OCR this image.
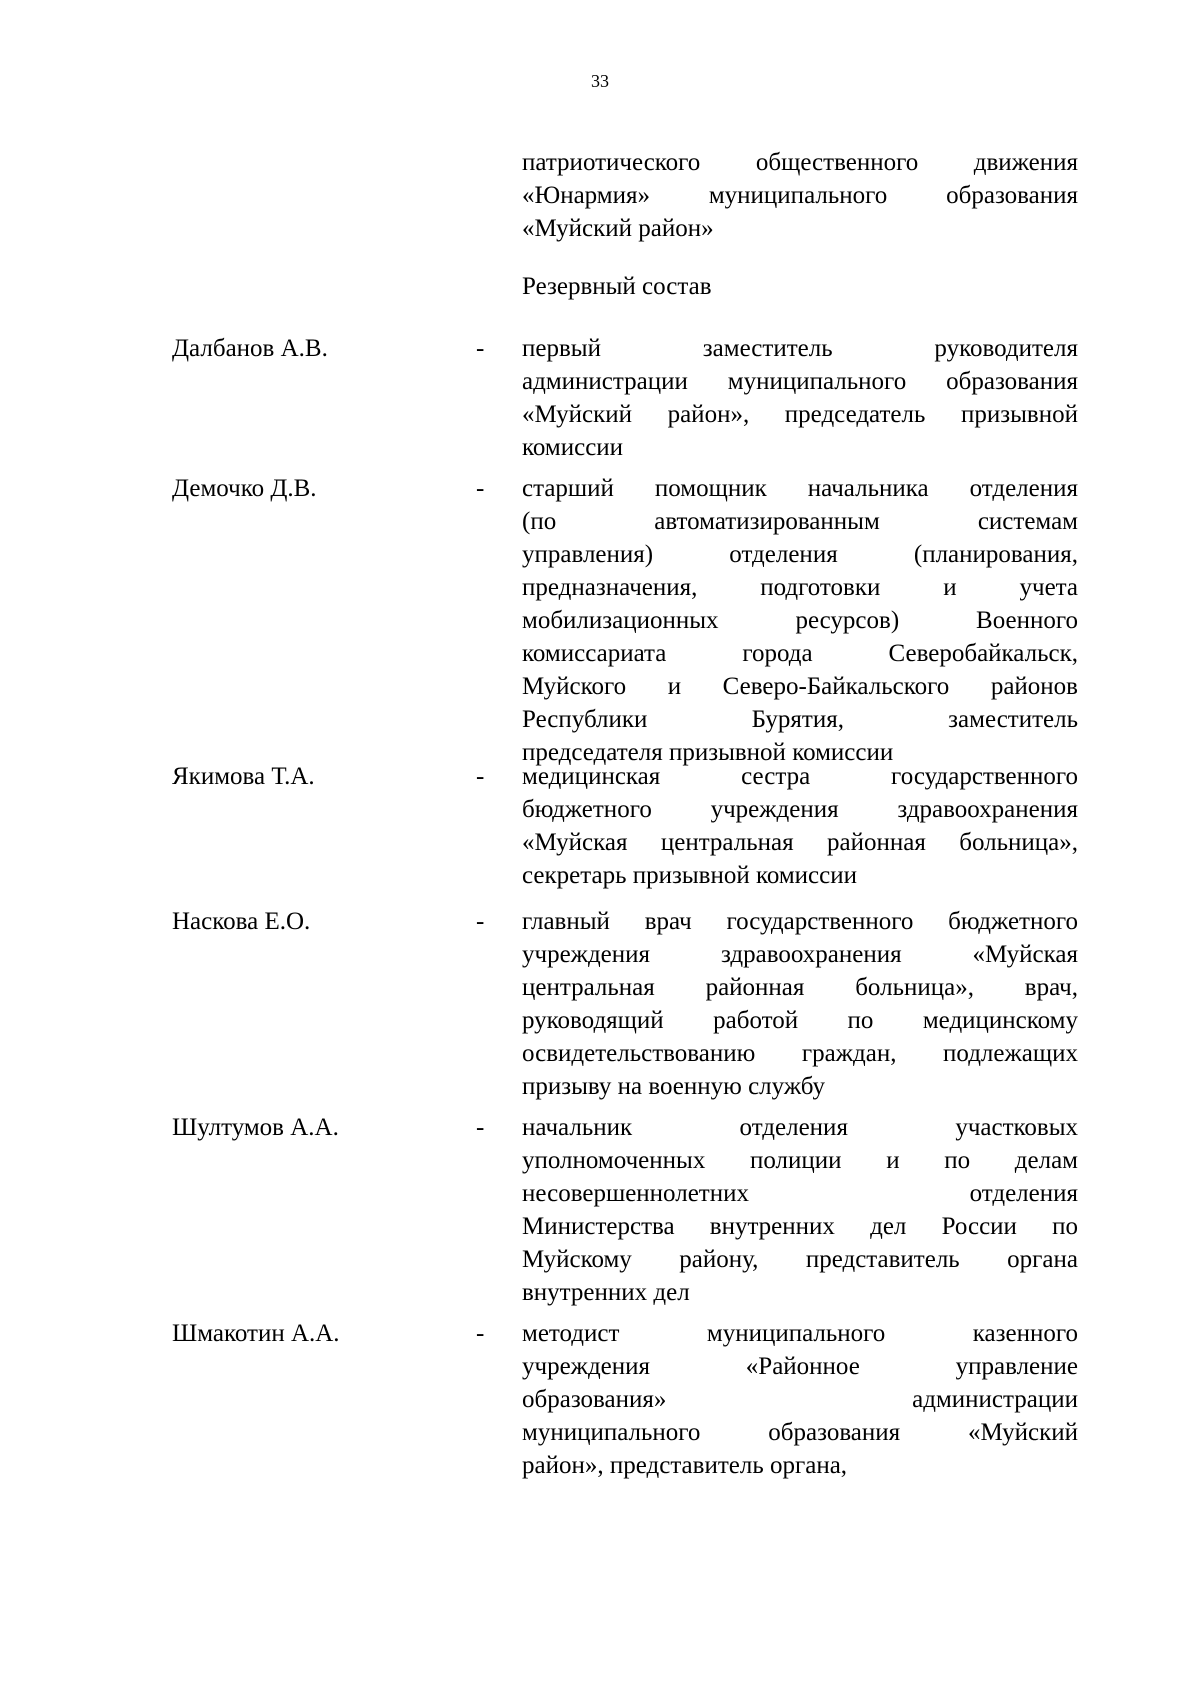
33
патриотического общественного движения
«Юнармия» муниципального образования
«Муйский район»
Резервный состав
Далбанов А.В.	- первый заместитель руководителя
администрации муниципального образования
«Муйский район», председатель призывной
комиссии
Демочко Д.В.	- старший помощник начальника отделения
(по автоматизированным системам
управления) отделения (планирования,
предназначения, подготовки и учета
мобилизационных ресурсов) Военного
комиссариата города Северобайкальск,
Муйского и Северо-Байкальского районов
Республики Бурятия, заместитель
председателя призывной комиссии
Якимова Т.А.	- медицинская сестра государственного
бюджетного учреждения здравоохранения
«Муйская центральная районная больница»,
секретарь призывной комиссии
Наскова Е.О.	- главный врач государственного бюджетного
учреждения здравоохранения «Муйская
центральная районная больница», врач,
руководящий работой по медицинскому
освидетельствованию граждан, подлежащих
призыву на военную службу
Шултумов А.А.	- начальник отделения участковых
уполномоченных полиции и по делам
несовершеннолетних отделения
Министерства внутренних дел России по
Муйскому району, представитель органа
внутренних дел
Шмакотин А.А.	- методист муниципального казенного
учреждения «Районное управление
образования» администрации
муниципального образования «Муйский
район», представитель органа,
